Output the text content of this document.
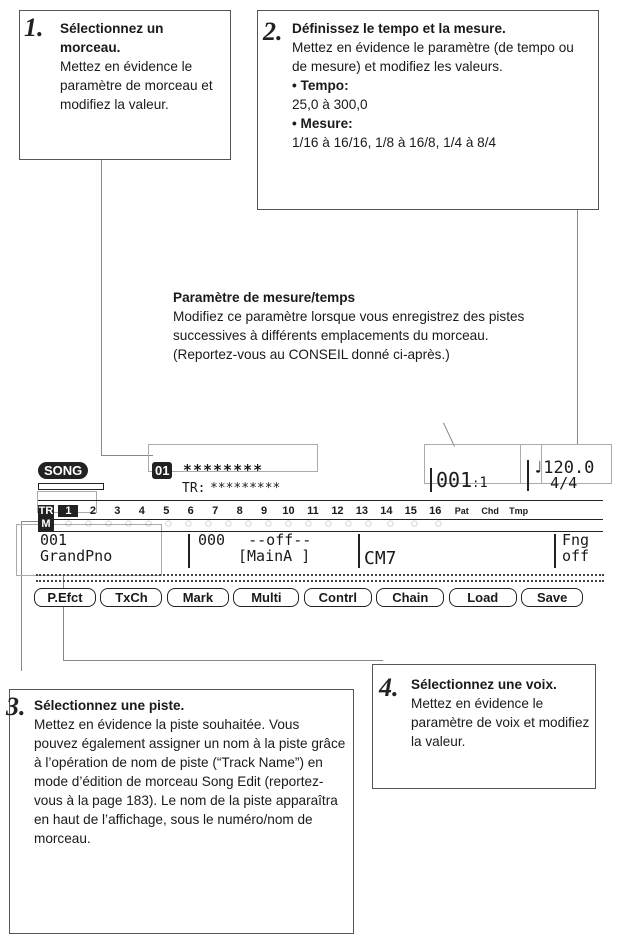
1. Sélectionnez un morceau.
Mettez en évidence le paramètre de morceau et modifiez la valeur.
2. Définissez le tempo et la mesure.
Mettez en évidence le paramètre (de tempo ou de mesure) et modifiez les valeurs.
• Tempo:
25,0 à 300,0
• Mesure:
1/16 à 16/16, 1/8 à 16/8, 1/4 à 8/4
Paramètre de mesure/temps
Modifiez ce paramètre lorsque vous enregistrez des pistes successives à différents emplacements du morceau. (Reportez-vous au CONSEIL donné ci-après.)
SONG	01 ********
TR: *********	001:1
♩120.0
4/4
TR 1 2 3 4 5 6 7 8 9 10 11 12 13 14 15 16 Pat Chd Tmp
M ◌ ◌ ◌ ◌ ◌ ◌ ◌ ◌ ◌ ◌ ◌ ◌ ◌ ◌ ◌ ◌ ◌ ◌ ◌
001
GrandPno
000 --off--
[MainA ]	CM7
Fng
off
P.Efct	TxCh	Mark	Multi	Contrl	Chain	Load	Save
4. Sélectionnez une voix.
Mettez en évidence le paramètre de voix et modifiez la valeur.
3. Sélectionnez une piste.
Mettez en évidence la piste souhaitée. Vous pouvez également assigner un nom à la piste grâce à l’opération de nom de piste (“Track Name”) en mode d’édition de morceau Song Edit (reportez-vous à la page 183). Le nom de la piste apparaîtra en haut de l’affichage, sous le numéro/nom de morceau.
